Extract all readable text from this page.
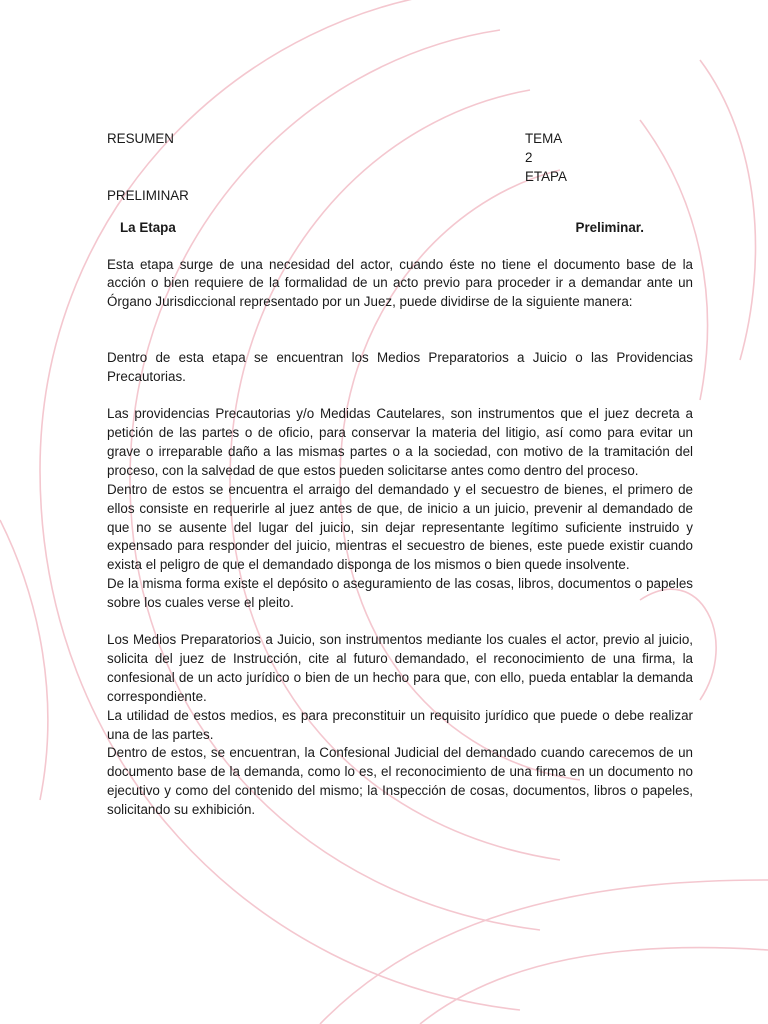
RESUMEN	TEMA
2
ETAPA
PRELIMINAR
La Etapa	Preliminar.

Esta etapa surge de una necesidad del actor, cuando éste no tiene el documento base de la acción o bien requiere de la formalidad de un acto previo para proceder ir a demandar ante un Órgano Jurisdiccional representado por un Juez, puede dividirse de la siguiente manera:

Dentro de esta etapa se encuentran los Medios Preparatorios a Juicio o las Providencias Precautorias.

Las providencias Precautorias y/o Medidas Cautelares, son instrumentos que el juez decreta a petición de las partes o de oficio, para conservar la materia del litigio, así como para evitar un grave o irreparable daño a las mismas partes o a la sociedad, con motivo de la tramitación del proceso, con la salvedad de que estos pueden solicitarse antes como dentro del proceso.

Dentro de estos se encuentra el arraigo del demandado y el secuestro de bienes, el primero de ellos consiste en requerirle al juez antes de que, de inicio a un juicio, prevenir al demandado de que no se ausente del lugar del juicio, sin dejar representante legítimo suficiente instruido y expensado para responder del juicio, mientras el secuestro de bienes, este puede existir cuando exista el peligro de que el demandado disponga de los mismos o bien quede insolvente.

De la misma forma existe el depósito o aseguramiento de las cosas, libros, documentos o papeles sobre los cuales verse el pleito.

Los Medios Preparatorios a Juicio, son instrumentos mediante los cuales el actor, previo al juicio, solicita del juez de Instrucción, cite al futuro demandado, el reconocimiento de una firma, la confesional de un acto jurídico o bien de un hecho para que, con ello, pueda entablar la demanda correspondiente.

La utilidad de estos medios, es para preconstituir un requisito jurídico que puede o debe realizar una de las partes.

Dentro de estos, se encuentran, la Confesional Judicial del demandado cuando carecemos de un documento base de la demanda, como lo es, el reconocimiento de una firma en un documento no ejecutivo y como del contenido del mismo; la Inspección de cosas, documentos, libros o papeles, solicitando su exhibición.
